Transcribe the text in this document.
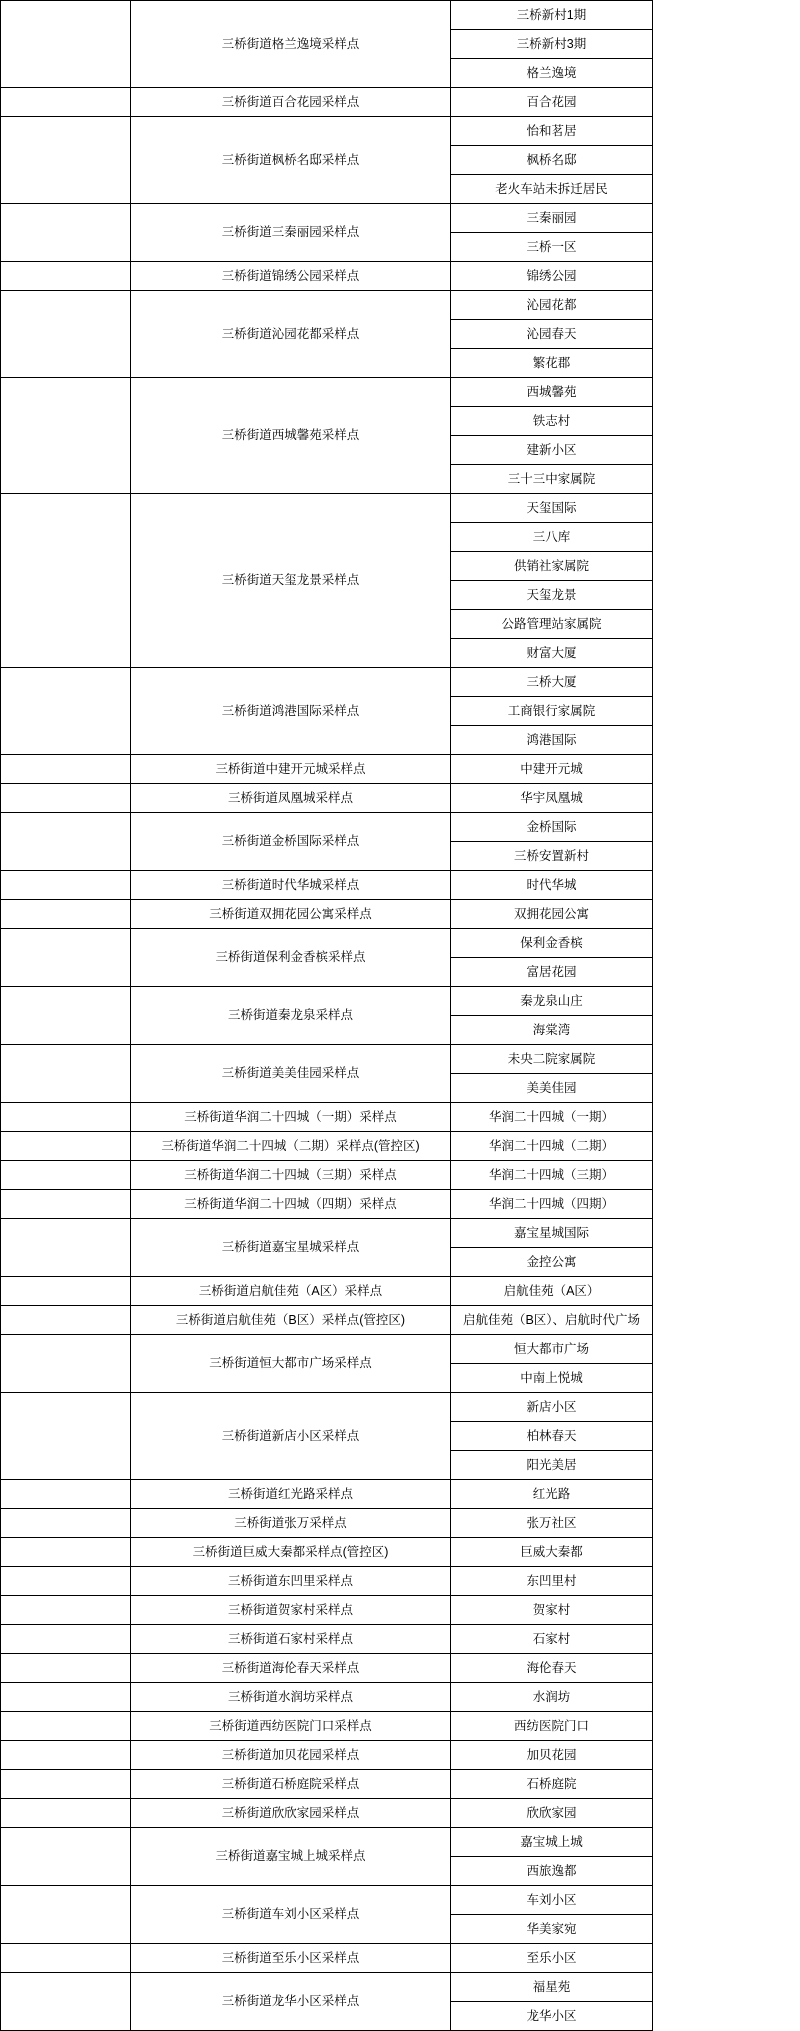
	三桥街道格兰逸境采样点	三桥新村1期
		三桥新村3期
		格兰逸境
	三桥街道百合花园采样点	百合花园
	三桥街道枫桥名邸采样点	怡和茗居
		枫桥名邸
		老火车站未拆迁居民
	三桥街道三秦丽园采样点	三秦丽园
		三桥一区
	三桥街道锦绣公园采样点	锦绣公园
	三桥街道沁园花都采样点	沁园花都
		沁园春天
		繁花郡
	三桥街道西城馨苑采样点	西城馨苑
		铁志村
		建新小区
		三十三中家属院
	三桥街道天玺龙景采样点	天玺国际
		三八库
		供销社家属院
		天玺龙景
		公路管理站家属院
		财富大厦
	三桥街道鸿港国际采样点	三桥大厦
		工商银行家属院
		鸿港国际
	三桥街道中建开元城采样点	中建开元城
	三桥街道凤凰城采样点	华宇凤凰城
	三桥街道金桥国际采样点	金桥国际
		三桥安置新村
	三桥街道时代华城采样点	时代华城
	三桥街道双拥花园公寓采样点	双拥花园公寓
	三桥街道保利金香槟采样点	保利金香槟
		富居花园
	三桥街道秦龙泉采样点	秦龙泉山庄
		海棠湾
	三桥街道美美佳园采样点	未央二院家属院
		美美佳园
	三桥街道华润二十四城（一期）采样点	华润二十四城（一期）
	三桥街道华润二十四城（二期）采样点(管控区)	华润二十四城（二期）
	三桥街道华润二十四城（三期）采样点	华润二十四城（三期）
	三桥街道华润二十四城（四期）采样点	华润二十四城（四期）
	三桥街道嘉宝星城采样点	嘉宝星城国际
		金控公寓
	三桥街道启航佳苑（A区）采样点	启航佳苑（A区）
	三桥街道启航佳苑（B区）采样点(管控区)	启航佳苑（B区）、启航时代广场
	三桥街道恒大都市广场采样点	恒大都市广场
		中南上悦城
	三桥街道新店小区采样点	新店小区
		柏林春天
		阳光美居
	三桥街道红光路采样点	红光路
	三桥街道张万采样点	张万社区
	三桥街道巨威大秦都采样点(管控区)	巨威大秦都
	三桥街道东凹里采样点	东凹里村
	三桥街道贺家村采样点	贺家村
	三桥街道石家村采样点	石家村
	三桥街道海伦春天采样点	海伦春天
	三桥街道水润坊采样点	水润坊
	三桥街道西纺医院门口采样点	西纺医院门口
	三桥街道加贝花园采样点	加贝花园
	三桥街道石桥庭院采样点	石桥庭院
	三桥街道欣欣家园采样点	欣欣家园
	三桥街道嘉宝城上城采样点	嘉宝城上城
		西旅逸都
	三桥街道车刘小区采样点	车刘小区
		华美家宛
	三桥街道至乐小区采样点	至乐小区
	三桥街道龙华小区采样点	福星苑
		龙华小区
